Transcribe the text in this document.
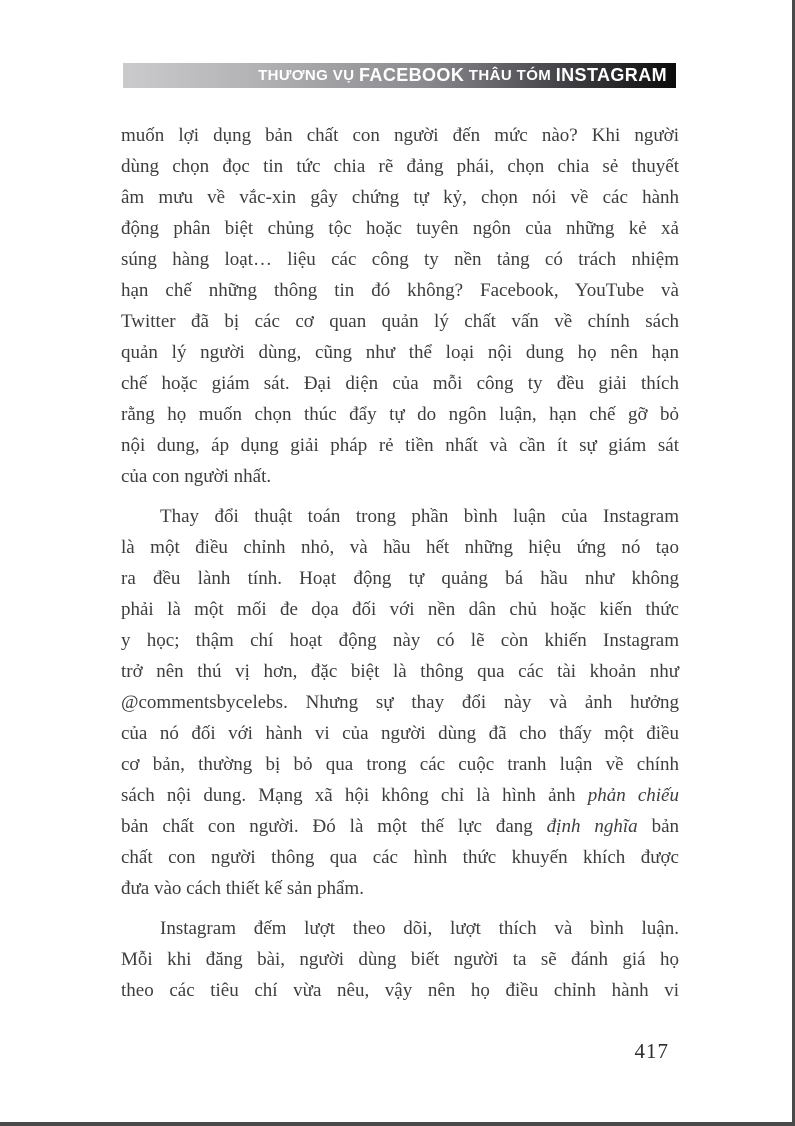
THƯƠNG VỤ FACEBOOK THÂU TÓM INSTAGRAM
muốn lợi dụng bản chất con người đến mức nào? Khi người
dùng chọn đọc tin tức chia rẽ đảng phái, chọn chia sẻ thuyết
âm mưu về vắc-xin gây chứng tự kỷ, chọn nói về các hành
động phân biệt chủng tộc hoặc tuyên ngôn của những kẻ xả
súng hàng loạt… liệu các công ty nền tảng có trách nhiệm
hạn chế những thông tin đó không? Facebook, YouTube và
Twitter đã bị các cơ quan quản lý chất vấn về chính sách
quản lý người dùng, cũng như thể loại nội dung họ nên hạn
chế hoặc giám sát. Đại diện của mỗi công ty đều giải thích
rằng họ muốn chọn thúc đẩy tự do ngôn luận, hạn chế gỡ bỏ
nội dung, áp dụng giải pháp rẻ tiền nhất và cần ít sự giám sát
của con người nhất.
Thay đổi thuật toán trong phần bình luận của Instagram
là một điều chỉnh nhỏ, và hầu hết những hiệu ứng nó tạo
ra đều lành tính. Hoạt động tự quảng bá hầu như không
phải là một mối đe dọa đối với nền dân chủ hoặc kiến thức
y học; thậm chí hoạt động này có lẽ còn khiến Instagram
trở nên thú vị hơn, đặc biệt là thông qua các tài khoản như
@commentsbycelebs. Nhưng sự thay đổi này và ảnh hưởng
của nó đối với hành vi của người dùng đã cho thấy một điều
cơ bản, thường bị bỏ qua trong các cuộc tranh luận về chính
sách nội dung. Mạng xã hội không chỉ là hình ảnh phản chiếu
bản chất con người. Đó là một thế lực đang định nghĩa bản
chất con người thông qua các hình thức khuyến khích được
đưa vào cách thiết kế sản phẩm.
Instagram đếm lượt theo dõi, lượt thích và bình luận.
Mỗi khi đăng bài, người dùng biết người ta sẽ đánh giá họ
theo các tiêu chí vừa nêu, vậy nên họ điều chỉnh hành vi
417
